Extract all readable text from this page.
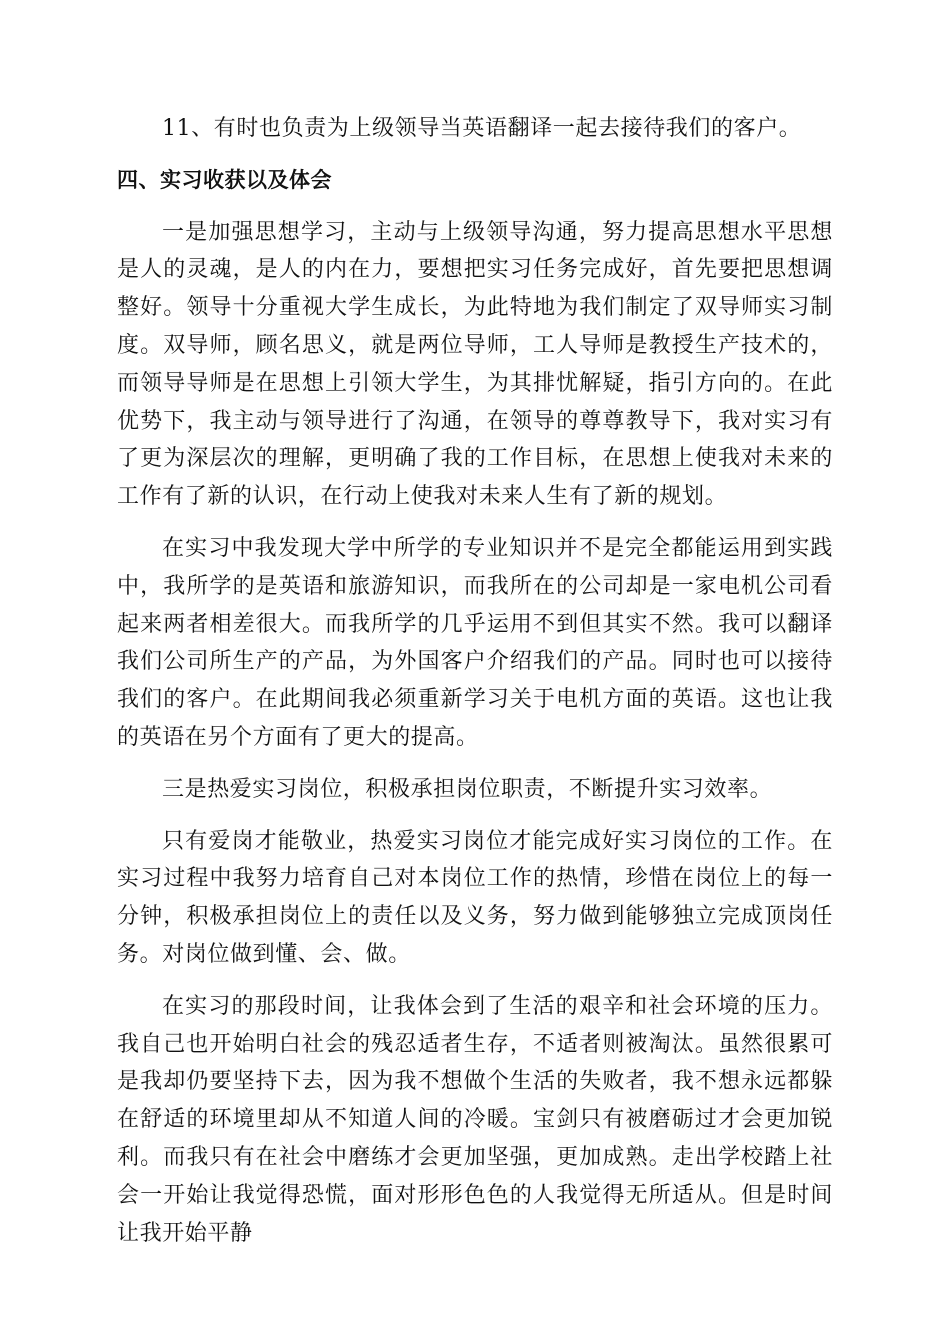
11、有时也负责为上级领导当英语翻译一起去接待我们的客户。

四、实习收获以及体会

一是加强思想学习，主动与上级领导沟通，努力提高思想水平思想是人的灵魂，是人的内在力，要想把实习任务完成好，首先要把思想调整好。领导十分重视大学生成长，为此特地为我们制定了双导师实习制度。双导师，顾名思义，就是两位导师，工人导师是教授生产技术的，而领导导师是在思想上引领大学生，为其排忧解疑，指引方向的。在此优势下，我主动与领导进行了沟通，在领导的尊尊教导下，我对实习有了更为深层次的理解，更明确了我的工作目标，在思想上使我对未来的工作有了新的认识，在行动上使我对未来人生有了新的规划。

在实习中我发现大学中所学的专业知识并不是完全都能运用到实践中，我所学的是英语和旅游知识，而我所在的公司却是一家电机公司看起来两者相差很大。而我所学的几乎运用不到但其实不然。我可以翻译我们公司所生产的产品，为外国客户介绍我们的产品。同时也可以接待我们的客户。在此期间我必须重新学习关于电机方面的英语。这也让我的英语在另个方面有了更大的提高。

三是热爱实习岗位，积极承担岗位职责，不断提升实习效率。

只有爱岗才能敬业，热爱实习岗位才能完成好实习岗位的工作。在实习过程中我努力培育自己对本岗位工作的热情，珍惜在岗位上的每一分钟，积极承担岗位上的责任以及义务，努力做到能够独立完成顶岗任务。对岗位做到懂、会、做。

在实习的那段时间，让我体会到了生活的艰辛和社会环境的压力。我自己也开始明白社会的残忍适者生存，不适者则被淘汰。虽然很累可是我却仍要坚持下去，因为我不想做个生活的失败者，我不想永远都躲在舒适的环境里却从不知道人间的冷暖。宝剑只有被磨砺过才会更加锐利。而我只有在社会中磨练才会更加坚强，更加成熟。走出学校踏上社会一开始让我觉得恐慌，面对形形色色的人我觉得无所适从。但是时间让我开始平静
